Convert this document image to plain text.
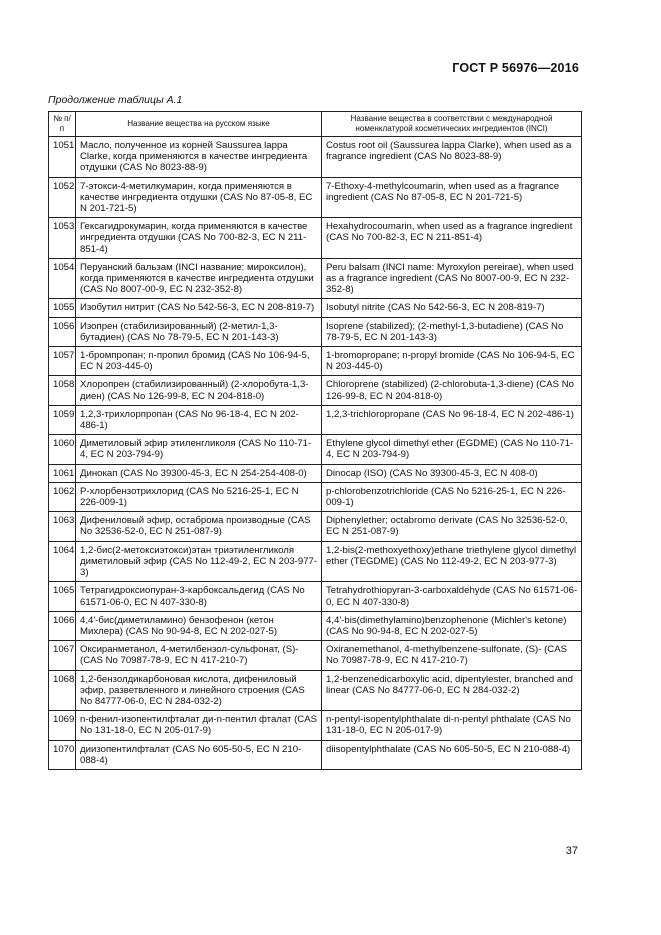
ГОСТ Р 56976—2016
Продолжение таблицы А.1
№ п/п	Название вещества на русском языке	Название вещества в соответствии с международной номенклатурой косметических ингредиентов (INCI)
1051	Масло, полученное из корней Saussurea lappa Clarke, когда применяются в качестве ингредиента отдушки (CAS No 8023-88-9)	Costus root oil (Saussurea lappa Clarke), when used as a fragrance ingredient (CAS No 8023-88-9)
1052	7-этокси-4-метилкумарин, когда применяются в качестве ингредиента отдушки (CAS No 87-05-8, EC N 201-721-5)	7-Ethoxy-4-methylcoumarin, when used as a fragrance ingredient (CAS No 87-05-8, EC N 201-721-5)
1053	Гексагидрокумарин, когда применяются в качестве ингредиента отдушки (CAS No 700-82-3, EC N 211-851-4)	Hexahydrocoumarin, when used as a fragrance ingredient (CAS No 700-82-3, EC N 211-851-4)
1054	Перуанский бальзам (INCI название: мироксилон), когда применяются в качестве ингредиента отдушки (CAS No 8007-00-9, EC N 232-352-8)	Peru balsam (INCI name: Myroxylon pereirae), when used as a fragrance ingredient (CAS No 8007-00-9, EC N 232-352-8)
1055	Изобутил нитрит (CAS No 542-56-3, EC N 208-819-7)	Isobutyl nitrite (CAS No 542-56-3, EC N 208-819-7)
1056	Изопрен (стабилизированный) (2-метил-1,3-бутадиен) (CAS No 78-79-5, EC N 201-143-3)	Isoprene (stabilized); (2-methyl-1,3-butadiene) (CAS No 78-79-5, EC N 201-143-3)
1057	1-бромпропан; n-пропил бромид (CAS No 106-94-5, EC N 203-445-0)	1-bromopropane; n-propyl bromide (CAS No 106-94-5, EC N 203-445-0)
1058	Хлоропрен (стабилизированный) (2-хлоробута-1,3-диен) (CAS No 126-99-8, EC N 204-818-0)	Chloroprene (stabilized) (2-chlorobuta-1,3-diene) (CAS No 126-99-8, EC N 204-818-0)
1059	1,2,3-трихлорпропан (CAS No 96-18-4, EC N 202-486-1)	1,2,3-trichloropropane (CAS No 96-18-4, EC N 202-486-1)
1060	Диметиловый эфир этиленгликоля (CAS No 110-71-4, EC N 203-794-9)	Ethylene glycol dimethyl ether (EGDME) (CAS No 110-71-4, EC N 203-794-9)
1061	Динокап (CAS No 39300-45-3, EC N 254-254-408-0)	Dinocap (ISO) (CAS No 39300-45-3, EC N 408-0)
1062	Р-хлорбензотрихлорид (CAS No 5216-25-1, EC N 226-009-1)	p-chlorobenzotrichloride (CAS No 5216-25-1, EC N 226-009-1)
1063	Дифениловый эфир, остаброма производные (CAS No 32536-52-0, EC N 251-087-9)	Diphenylether; octabromo derivate (CAS No 32536-52-0, EC N 251-087-9)
1064	1,2-бис(2-метоксиэтокси)этан триэтиленгликоля диметиловый эфир (CAS No 112-49-2, EC N 203-977-3)	1,2-bis(2-methoxyethoxy)ethane triethylene glycol dimethyl ether (TEGDME) (CAS No 112-49-2, EC N 203-977-3)
1065	Тетрагидроксиопуран-3-карбоксальдегид (CAS No 61571-06-0, EC N 407-330-8)	Tetrahydrothiopyran-3-carboxaldehyde (CAS No 61571-06-0, EC N 407-330-8)
1066	4,4'-бис(диметиламино) бензофенон (кетон Михлера) (CAS No 90-94-8, EC N 202-027-5)	4,4'-bis(dimethylamino)benzophenone (Michler's ketone) (CAS No 90-94-8, EC N 202-027-5)
1067	Оксиранметанол, 4-метилбензол-сульфонат, (S)- (CAS No 70987-78-9, EC N 417-210-7)	Oxiranemethanol, 4-methylbenzene-sulfonate, (S)- (CAS No 70987-78-9, EC N 417-210-7)
1068	1,2-бензолдикарбоновая кислота, дифениловый эфир, разветвленного и линейного строения (CAS No 84777-06-0, EC N 284-032-2)	1,2-benzenedicarboxylic acid, dipentylester, branched and linear (CAS No 84777-06-0, EC N 284-032-2)
1069	n-фенил-изопентилфталат ди-n-пентил фталат (CAS No 131-18-0, EC N 205-017-9)	n-pentyl-isopentylphthalate di-n-pentyl phthalate (CAS No 131-18-0, EC N 205-017-9)
1070	диизопентилфталат (CAS No 605-50-5, EC N 210-088-4)	diisopentylphthalate (CAS No 605-50-5, EC N 210-088-4)
37
